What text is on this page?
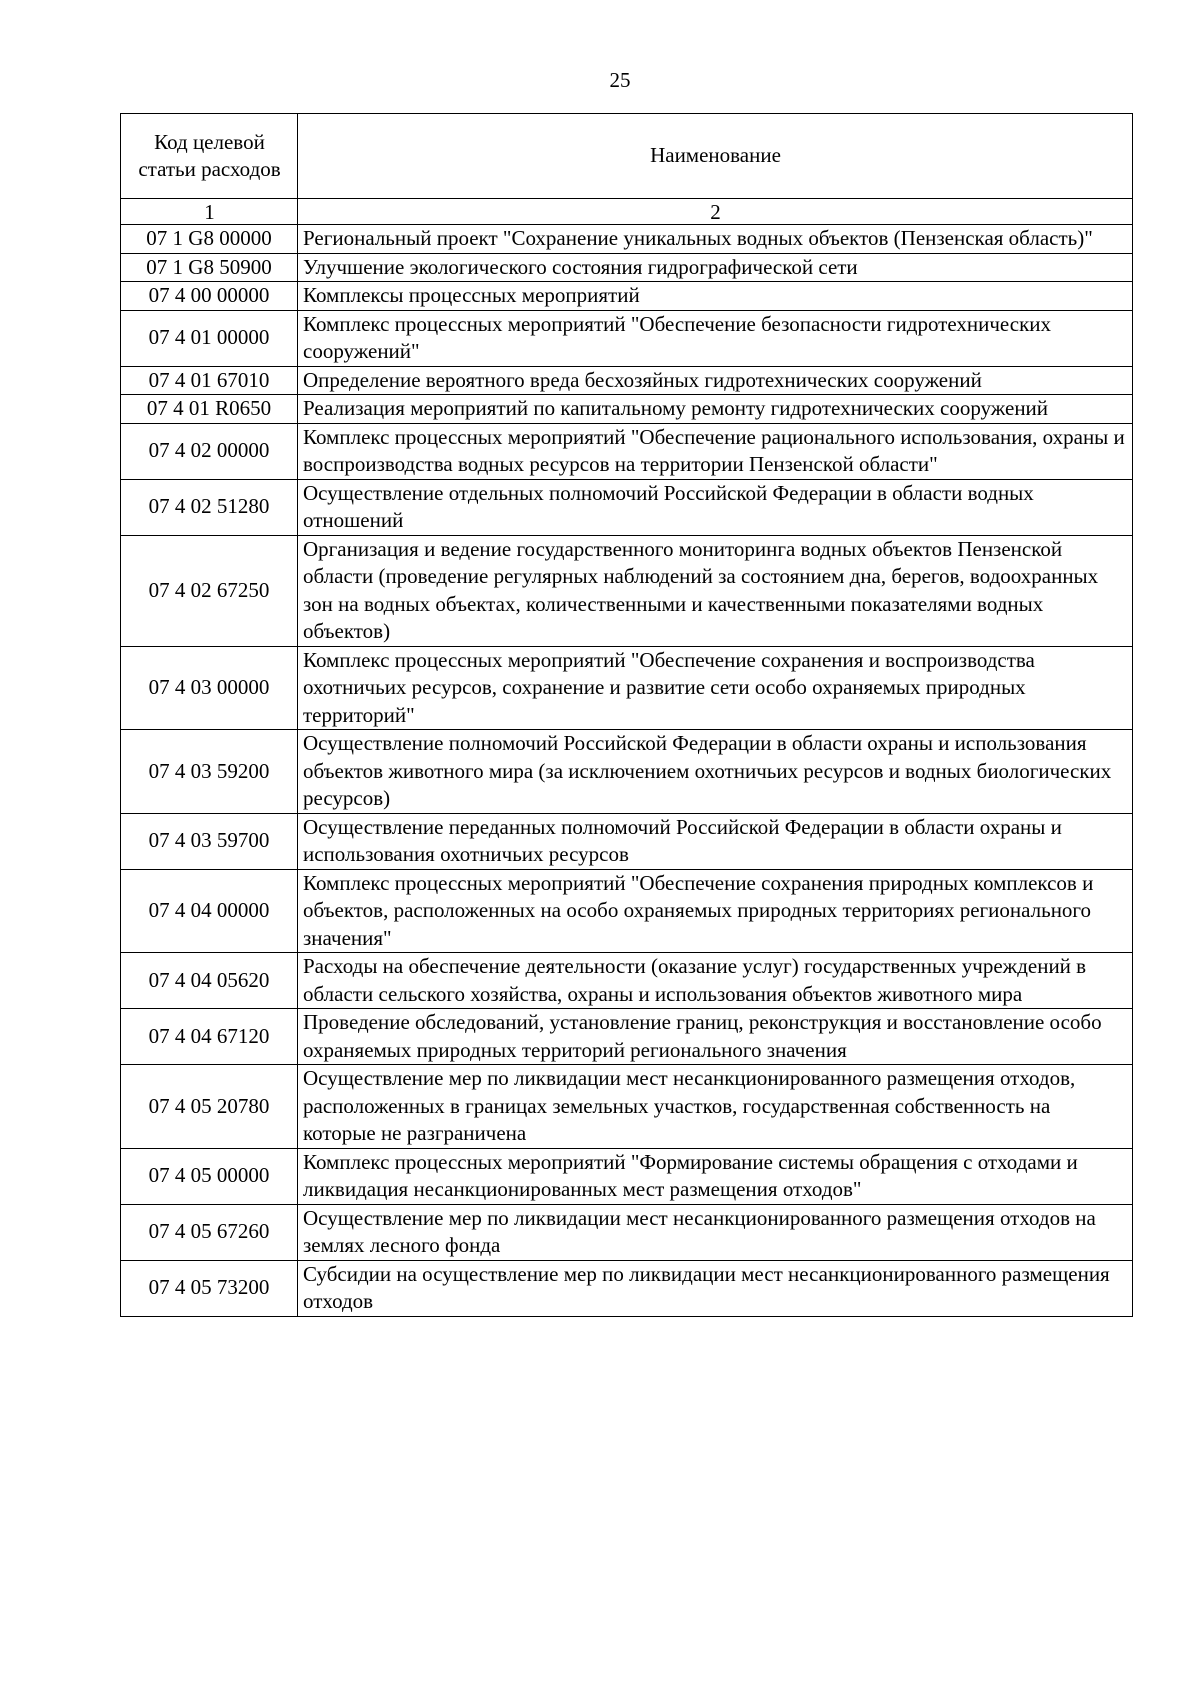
25
Код целевой статьи расходов	Наименование
1	2
07 1 G8 00000	Региональный проект "Сохранение уникальных водных объектов (Пензенская область)"
07 1 G8 50900	Улучшение экологического состояния гидрографической сети
07 4 00 00000	Комплексы процессных мероприятий
07 4 01 00000	Комплекс процессных мероприятий "Обеспечение безопасности гидротехнических сооружений"
07 4 01 67010	Определение вероятного вреда бесхозяйных гидротехнических сооружений
07 4 01 R0650	Реализация мероприятий по капитальному ремонту гидротехнических сооружений
07 4 02 00000	Комплекс процессных мероприятий "Обеспечение рационального использования, охраны и воспроизводства водных ресурсов на территории Пензенской области"
07 4 02 51280	Осуществление отдельных полномочий Российской Федерации в области водных отношений
07 4 02 67250	Организация и ведение государственного мониторинга водных объектов Пензенской области (проведение регулярных наблюдений за состоянием дна, берегов, водоохранных зон на водных объектах, количественными и качественными показателями водных объектов)
07 4 03 00000	Комплекс процессных мероприятий "Обеспечение сохранения и воспроизводства охотничьих ресурсов, сохранение и развитие сети особо охраняемых природных территорий"
07 4 03 59200	Осуществление полномочий Российской Федерации в области охраны и использования объектов животного мира (за исключением охотничьих ресурсов и водных биологических ресурсов)
07 4 03 59700	Осуществление переданных полномочий Российской Федерации в области охраны и использования охотничьих ресурсов
07 4 04 00000	Комплекс процессных мероприятий "Обеспечение сохранения природных комплексов и объектов, расположенных на особо охраняемых природных территориях регионального значения"
07 4 04 05620	Расходы на обеспечение деятельности (оказание услуг) государственных учреждений в области сельского хозяйства, охраны и использования объектов животного мира
07 4 04 67120	Проведение обследований, установление границ, реконструкция и восстановление особо охраняемых природных территорий регионального значения
07 4 05 20780	Осуществление мер по ликвидации мест несанкционированного размещения отходов, расположенных в границах земельных участков, государственная собственность на которые не разграничена
07 4 05 00000	Комплекс процессных мероприятий "Формирование системы обращения с отходами и ликвидация несанкционированных мест размещения отходов"
07 4 05 67260	Осуществление мер по ликвидации мест несанкционированного размещения отходов на землях лесного фонда
07 4 05 73200	Субсидии на осуществление мер по ликвидации мест несанкционированного размещения отходов
